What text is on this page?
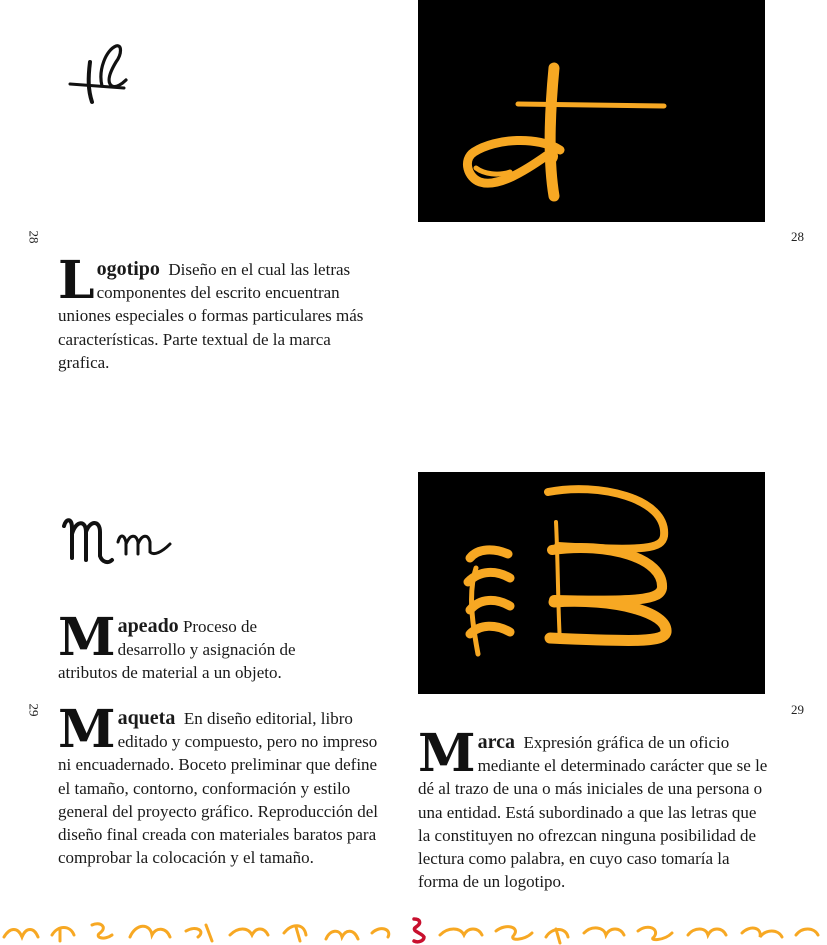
28	28
L ogotipo Diseño en el cual las letras componentes del escrito encuentran uniones especiales o formas particulares más características. Parte textual de la marca grafica.
M apeado Proceso de desarrollo y asignación de atributos de material a un objeto.
29	29
M aqueta En diseño editorial, libro editado y compuesto, pero no impreso ni encuadernado. Boceto preliminar que define el tamaño, contorno, conformación y estilo general del proyecto gráfico. Reproducción del diseño final creada con materiales baratos para comprobar la colocación y el tamaño.
M arca Expresión gráfica de un oficio mediante el determinado carácter que se le dé al trazo de una o más iniciales de una persona o una entidad. Está subordinado a que las letras que la constituyen no ofrezcan ninguna posibilidad de lectura como palabra, en cuyo caso tomaría la forma de un logotipo.
